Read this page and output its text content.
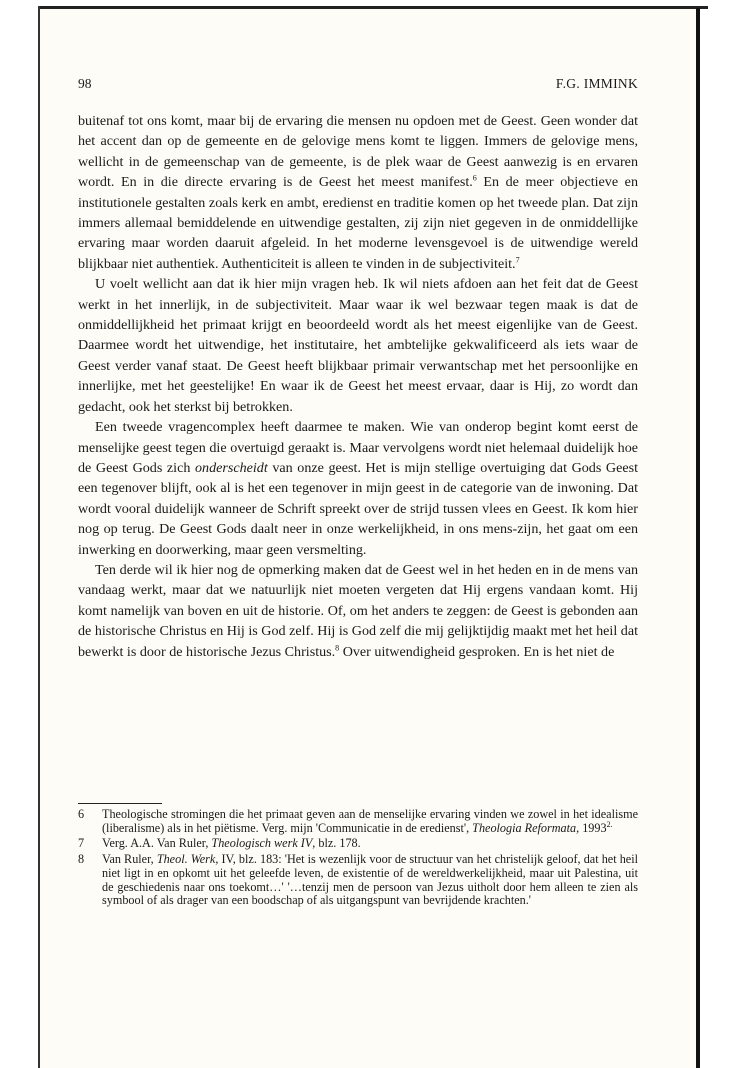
98	F.G. IMMINK

buitenaf tot ons komt, maar bij de ervaring die mensen nu opdoen met de Geest. Geen wonder dat het accent dan op de gemeente en de gelovige mens komt te liggen. Immers de gelovige mens, wellicht in de gemeenschap van de gemeente, is de plek waar de Geest aanwezig is en ervaren wordt. En in die directe ervaring is de Geest het meest manifest.$^6$ En de meer objectieve en institutionele gestalten zoals kerk en ambt, eredienst en traditie komen op het tweede plan. Dat zijn immers allemaal bemiddelende en uitwendige gestalten, zij zijn niet gegeven in de onmiddellijke ervaring maar worden daaruit afgeleid. In het moderne levensgevoel is de uitwendige wereld blijkbaar niet authentiek. Authenticiteit is alleen te vinden in de subjectiviteit.$^7$

U voelt wellicht aan dat ik hier mijn vragen heb. Ik wil niets afdoen aan het feit dat de Geest werkt in het innerlijk, in de subjectiviteit. Maar waar ik wel bezwaar tegen maak is dat de onmiddellijkheid het primaat krijgt en beoordeeld wordt als het meest eigenlijke van de Geest. Daarmee wordt het uitwendige, het institutaire, het ambtelijke gekwalificeerd als iets waar de Geest verder vanaf staat. De Geest heeft blijkbaar primair verwantschap met het persoonlijke en innerlijke, met het geestelijke! En waar ik de Geest het meest ervaar, daar is Hij, zo wordt dan gedacht, ook het sterkst bij betrokken.

Een tweede vragencomplex heeft daarmee te maken. Wie van onderop begint komt eerst de menselijke geest tegen die overtuigd geraakt is. Maar vervolgens wordt niet helemaal duidelijk hoe de Geest Gods zich onderscheidt van onze geest. Het is mijn stellige overtuiging dat Gods Geest een tegenover blijft, ook al is het een tegenover in mijn geest in de categorie van de inwoning. Dat wordt vooral duidelijk wanneer de Schrift spreekt over de strijd tussen vlees en Geest. Ik kom hier nog op terug. De Geest Gods daalt neer in onze werkelijkheid, in ons mens-zijn, het gaat om een inwerking en doorwerking, maar geen versmelting.

Ten derde wil ik hier nog de opmerking maken dat de Geest wel in het heden en in de mens van vandaag werkt, maar dat we natuurlijk niet moeten vergeten dat Hij ergens vandaan komt. Hij komt namelijk van boven en uit de historie. Of, om het anders te zeggen: de Geest is gebonden aan de historische Christus en Hij is God zelf. Hij is God zelf die mij gelijktijdig maakt met het heil dat bewerkt is door de historische Jezus Christus.$^8$ Over uitwendigheid gesproken. En is het niet de

6	Theologische stromingen die het primaat geven aan de menselijke ervaring vinden we zowel in het idealisme (liberalisme) als in het piëtisme. Verg. mijn 'Communicatie in de eredienst', Theologia Reformata, $1993^{2.}$
7	Verg. A.A. Van Ruler, Theologisch werk IV, blz. 178.
8	Van Ruler, Theol. Werk, IV, blz. 183: 'Het is wezenlijk voor de structuur van het christelijk geloof, dat het heil niet ligt in en opkomt uit het geleefde leven, de existentie of de wereldwerkelijkheid, maar uit Palestina, uit de geschiedenis naar ons toekomt…' '…tenzij men de persoon van Jezus uitholt door hem alleen te zien als symbool of als drager van een boodschap of als uitgangspunt van bevrijdende krachten.'
